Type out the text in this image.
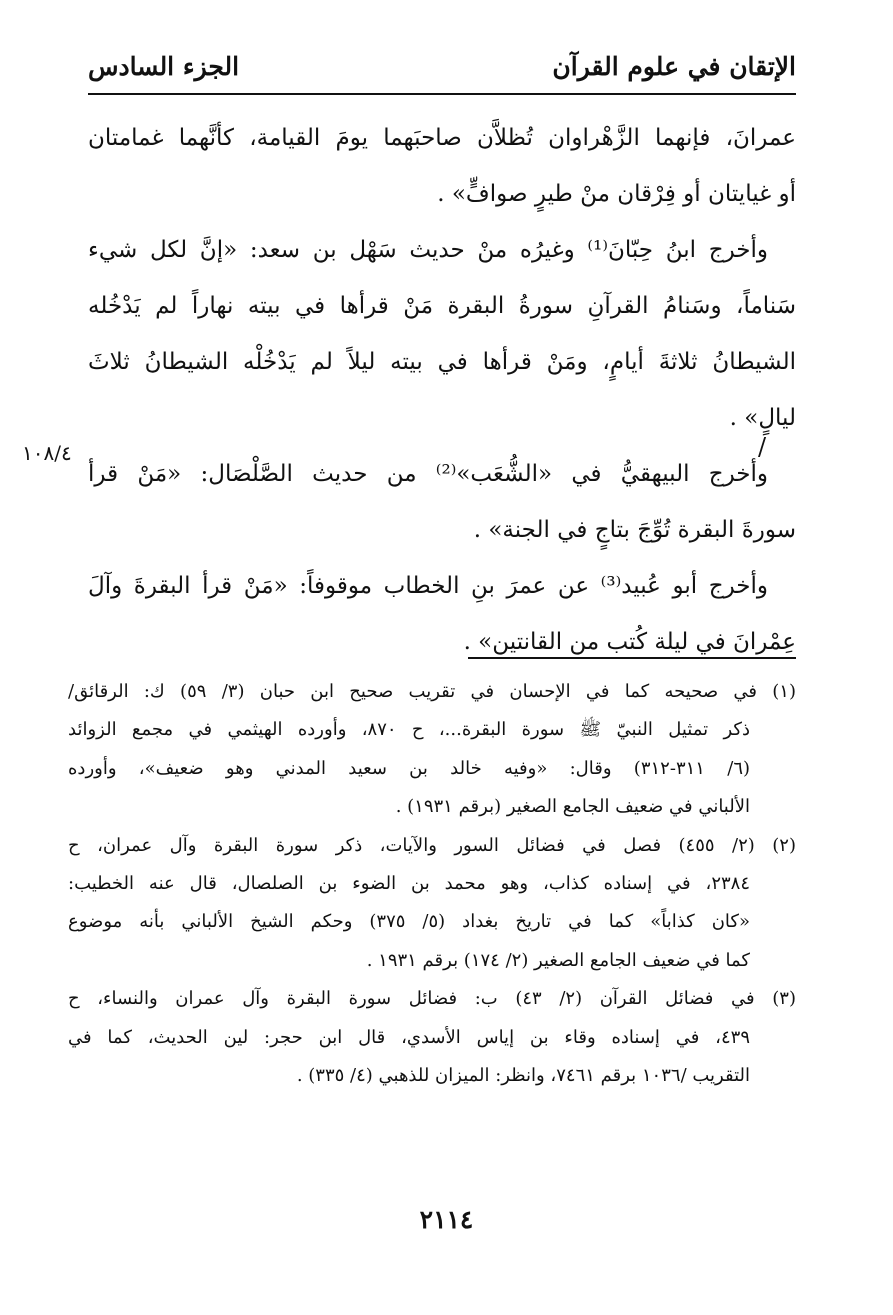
الإتقان في علوم القرآن
الجزء السادس
عمرانَ، فإنهما الزَّهْراوان تُظلاَّن صاحبَهما يومَ القيامة، كأنَّهما غمامتان
أو غيايتان أو فِرْقان منْ طيرٍ صوافٍّ» .
وأخرج ابنُ حِبّانَ⁽¹⁾ وغيرُه منْ حديث سَهْل بن سعد: «إنَّ لكل شيء
سَناماً، وسَنامُ القرآنِ سورةُ البقرة مَنْ قرأها في بيته نهاراً لم يَدْخُله
الشيطانُ ثلاثةَ أيامٍ، ومَنْ قرأها في بيته ليلاً لم يَدْخُلْه الشيطانُ ثلاثَ
ليالٍ» .
وأخرج البيهقيُّ في «الشُّعَب»⁽²⁾ من حديث الصَّلْصَال: «مَنْ قرأ
سورةَ البقرة تُوِّجَ بتاجٍ في الجنة» .
وأخرج أبو عُبيد⁽³⁾ عن عمرَ بنِ الخطاب موقوفاً: «مَنْ قرأ البقرةَ وآلَ
عِمْرانَ في ليلة كُتب من القانتين» .
/
١٠٨/٤
(١) في صحيحه كما في الإحسان في تقريب صحيح ابن حبان (٣/ ٥٩) ك: الرقائق/
ذكر تمثيل النبيّ ﷺ سورة البقرة...، ح ٨٧٠، وأورده الهيثمي في مجمع الزوائد
(٦/ ٣١١-٣١٢) وقال: «وفيه خالد بن سعيد المدني وهو ضعيف»، وأورده
الألباني في ضعيف الجامع الصغير (برقم ١٩٣١) .
(٢) (٢/ ٤٥٥) فصل في فضائل السور والآيات، ذكر سورة البقرة وآل عمران، ح
٢٣٨٤، في إسناده كذاب، وهو محمد بن الضوء بن الصلصال، قال عنه الخطيب:
«كان كذاباً» كما في تاريخ بغداد (٥/ ٣٧٥) وحكم الشيخ الألباني بأنه موضوع
كما في ضعيف الجامع الصغير (٢/ ١٧٤) برقم ١٩٣١ .
(٣) في فضائل القرآن (٢/ ٤٣) ب: فضائل سورة البقرة وآل عمران والنساء، ح
٤٣٩، في إسناده وقاء بن إياس الأسدي، قال ابن حجر: لين الحديث، كما في
التقريب /١٠٣٦ برقم ٧٤٦١، وانظر: الميزان للذهبي (٤/ ٣٣٥) .
٢١١٤
